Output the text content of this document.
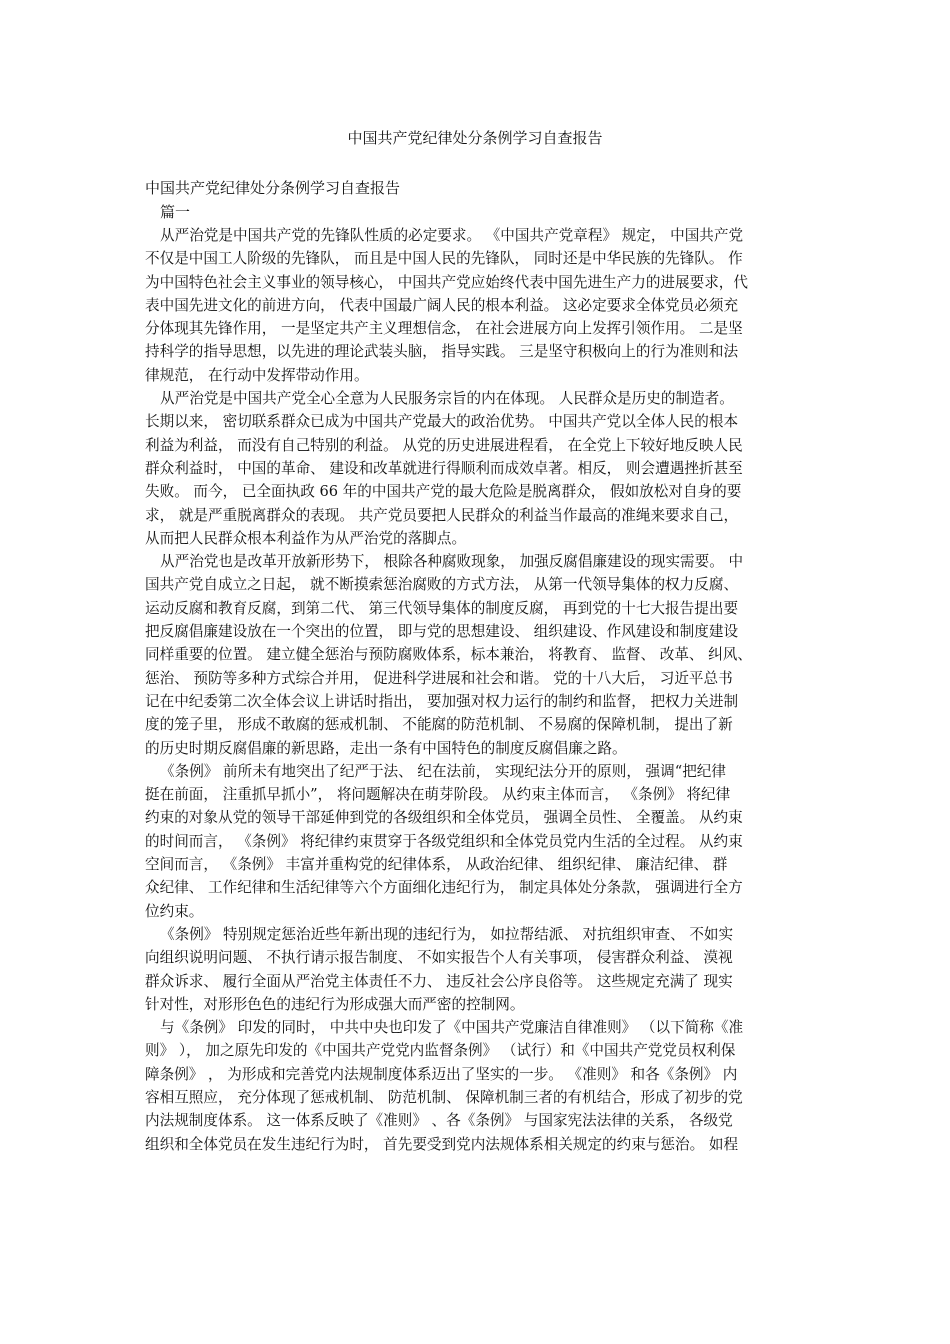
中国共产党纪律处分条例学习自查报告

中国共产党纪律处分条例学习自查报告

篇一

从严治党是中国共产党的先锋队性质的必定要求。 《中国共产党章程》 规定， 中国共产党
不仅是中国工人阶级的先锋队， 而且是中国人民的先锋队， 同时还是中华民族的先锋队。 作
为中国特色社会主义事业的领导核心， 中国共产党应始终代表中国先进生产力的进展要求，代
表中国先进文化的前进方向， 代表中国最广阔人民的根本利益。 这必定要求全体党员必须充
分体现其先锋作用， 一是坚定共产主义理想信念， 在社会进展方向上发挥引领作用。 二是坚
持科学的指导思想，以先进的理论武装头脑， 指导实践。 三是坚守积极向上的行为准则和法
律规范， 在行动中发挥带动作用。
从严治党是中国共产党全心全意为人民服务宗旨的内在体现。 人民群众是历史的制造者。
长期以来， 密切联系群众已成为中国共产党最大的政治优势。 中国共产党以全体人民的根本
利益为利益， 而没有自己特别的利益。 从党的历史进展进程看， 在全党上下较好地反映人民
群众利益时， 中国的革命、 建设和改革就进行得顺利而成效卓著。相反， 则会遭遇挫折甚至
失败。 而今， 已全面执政 66 年的中国共产党的最大危险是脱离群众， 假如放松对自身的要
求， 就是严重脱离群众的表现。 共产党员要把人民群众的利益当作最高的准绳来要求自己，
从而把人民群众根本利益作为从严治党的落脚点。
从严治党也是改革开放新形势下， 根除各种腐败现象， 加强反腐倡廉建设的现实需要。 中
国共产党自成立之日起， 就不断摸索惩治腐败的方式方法， 从第一代领导集体的权力反腐、
运动反腐和教育反腐，到第二代、 第三代领导集体的制度反腐， 再到党的十七大报告提出要
把反腐倡廉建设放在一个突出的位置， 即与党的思想建设、 组织建设、作风建设和制度建设
同样重要的位置。 建立健全惩治与预防腐败体系，标本兼治， 将教育、 监督、 改革、 纠风、
惩治、 预防等多种方式综合并用， 促进科学进展和社会和谐。 党的十八大后， 习近平总书
记在中纪委第二次全体会议上讲话时指出， 要加强对权力运行的制约和监督， 把权力关进制
度的笼子里， 形成不敢腐的惩戒机制、 不能腐的防范机制、 不易腐的保障机制， 提出了新
的历史时期反腐倡廉的新思路，走出一条有中国特色的制度反腐倡廉之路。
《条例》 前所未有地突出了纪严于法、 纪在法前， 实现纪法分开的原则， 强调“把纪律
挺在前面， 注重抓早抓小”， 将问题解决在萌芽阶段。 从约束主体而言， 《条例》 将纪律
约束的对象从党的领导干部延伸到党的各级组织和全体党员， 强调全员性、 全覆盖。 从约束
的时间而言， 《条例》 将纪律约束贯穿于各级党组织和全体党员党内生活的全过程。 从约束
空间而言， 《条例》 丰富并重构党的纪律体系， 从政治纪律、 组织纪律、 廉洁纪律、 群
众纪律、 工作纪律和生活纪律等六个方面细化违纪行为， 制定具体处分条款， 强调进行全方
位约束。
《条例》 特别规定惩治近些年新出现的违纪行为， 如拉帮结派、 对抗组织审查、 不如实
向组织说明问题、 不执行请示报告制度、 不如实报告个人有关事项， 侵害群众利益、 漠视
群众诉求、 履行全面从严治党主体责任不力、 违反社会公序良俗等。 这些规定充满了 现实
针对性，对形形色色的违纪行为形成强大而严密的控制网。
与《条例》 印发的同时， 中共中央也印发了《中国共产党廉洁自律准则》 （以下简称《准
则》 ）， 加之原先印发的《中国共产党党内监督条例》 （试行）和《中国共产党党员权利保
障条例》 ， 为形成和完善党内法规制度体系迈出了坚实的一步。 《准则》 和各《条例》 内
容相互照应， 充分体现了惩戒机制、 防范机制、 保障机制三者的有机结合，形成了初步的党
内法规制度体系。 这一体系反映了《准则》 、各《条例》 与国家宪法法律的关系， 各级党
组织和全体党员在发生违纪行为时， 首先要受到党内法规体系相关规定的约束与惩治。 如程
